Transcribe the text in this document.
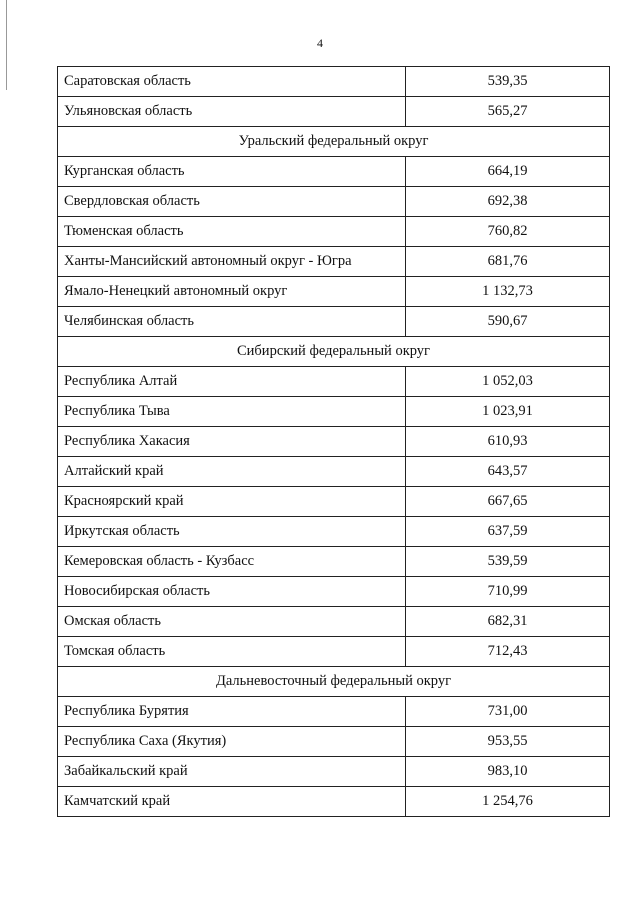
4
Саратовская область	539,35
Ульяновская область	565,27
Уральский федеральный округ	
Курганская область	664,19
Свердловская область	692,38
Тюменская область	760,82
Ханты-Мансийский автономный округ - Югра	681,76
Ямало-Ненецкий автономный округ	1 132,73
Челябинская область	590,67
Сибирский федеральный округ	
Республика Алтай	1 052,03
Республика Тыва	1 023,91
Республика Хакасия	610,93
Алтайский край	643,57
Красноярский край	667,65
Иркутская область	637,59
Кемеровская область - Кузбасс	539,59
Новосибирская область	710,99
Омская область	682,31
Томская область	712,43
Дальневосточный федеральный округ	
Республика Бурятия	731,00
Республика Саха (Якутия)	953,55
Забайкальский край	983,10
Камчатский край	1 254,76
